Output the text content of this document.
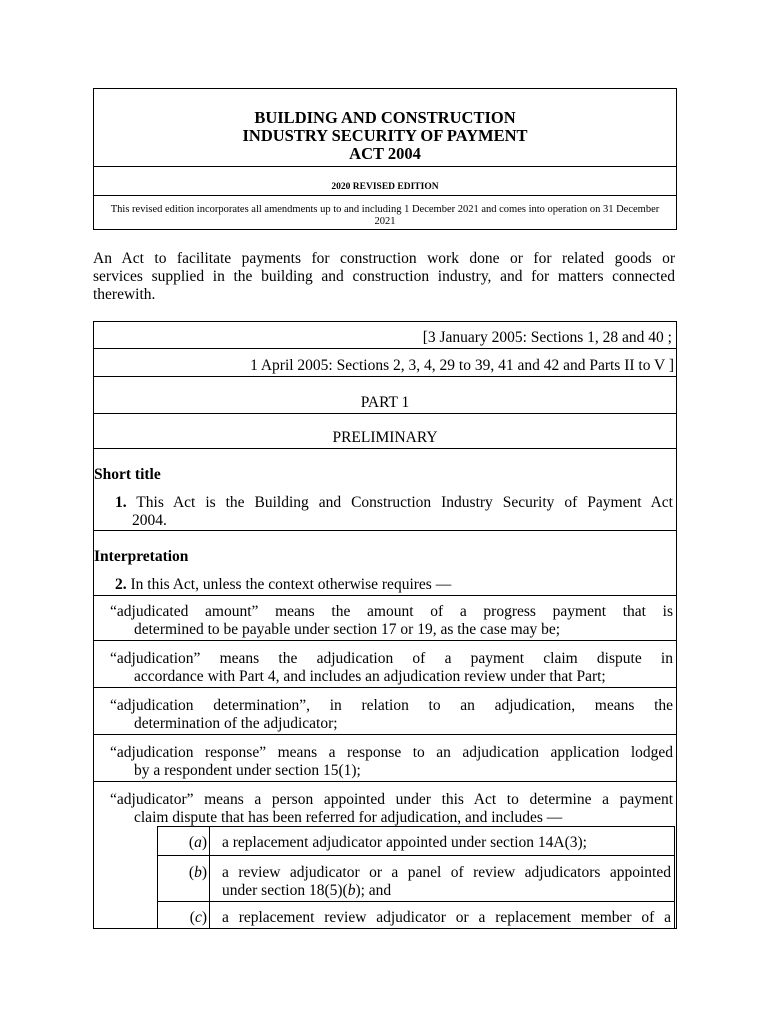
BUILDING AND CONSTRUCTION
INDUSTRY SECURITY OF PAYMENT
ACT 2004
2020 REVISED EDITION
This revised edition incorporates all amendments up to and including 1 December 2021 and comes into operation on 31 December 2021
An Act to facilitate payments for construction work done or for related goods or
services supplied in the building and construction industry, and for matters connected
therewith.
[3 January 2005: Sections 1, 28 and 40 ;
1 April 2005: Sections 2, 3, 4, 29 to 39, 41 and 42 and Parts II to V ]
PART 1
PRELIMINARY
Short title
1. This Act is the Building and Construction Industry Security of Payment Act
2004.
Interpretation
2. In this Act, unless the context otherwise requires —
“adjudicated amount” means the amount of a progress payment that is
determined to be payable under section 17 or 19, as the case may be;
“adjudication” means the adjudication of a payment claim dispute in
accordance with Part 4, and includes an adjudication review under that Part;
“adjudication determination”, in relation to an adjudication, means the
determination of the adjudicator;
“adjudication response” means a response to an adjudication application lodged
by a respondent under section 15(1);
“adjudicator” means a person appointed under this Act to determine a payment
claim dispute that has been referred for adjudication, and includes —
(a) a replacement adjudicator appointed under section 14A(3);
(b) a review adjudicator or a panel of review adjudicators appointed
under section 18(5)(b); and
(c) a replacement review adjudicator or a replacement member of a
